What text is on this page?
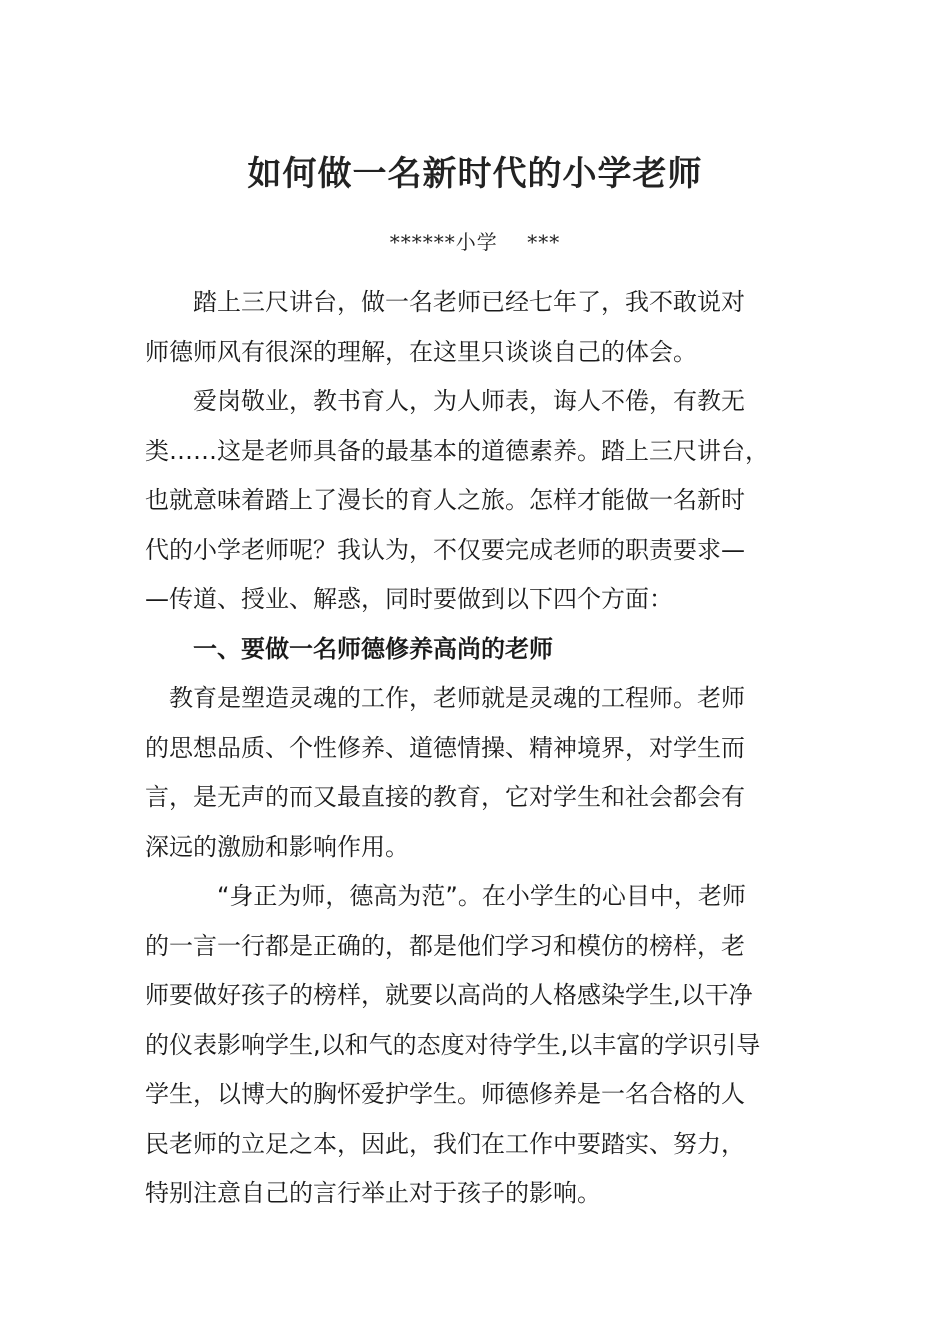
如何做一名新时代的小学老师
******小学    ***

　　踏上三尺讲台，做一名老师已经七年了，我不敢说对
师德师风有很深的理解，在这里只谈谈自己的体会。

　　爱岗敬业，教书育人，为人师表，诲人不倦，有教无
类……这是老师具备的最基本的道德素养。踏上三尺讲台，
也就意味着踏上了漫长的育人之旅。怎样才能做一名新时
代的小学老师呢？我认为，不仅要完成老师的职责要求—
—传道、授业、解惑，同时要做到以下四个方面：

　　一、要做一名师德修养高尚的老师

　教育是塑造灵魂的工作，老师就是灵魂的工程师。老师
的思想品质、个性修养、道德情操、精神境界，对学生而
言，是无声的而又最直接的教育，它对学生和社会都会有
深远的激励和影响作用。

　　　“身正为师，德高为范”。在小学生的心目中，老师
的一言一行都是正确的，都是他们学习和模仿的榜样，老
师要做好孩子的榜样，就要以高尚的人格感染学生,以干净
的仪表影响学生,以和气的态度对待学生,以丰富的学识引导
学生，以博大的胸怀爱护学生。师德修养是一名合格的人
民老师的立足之本，因此，我们在工作中要踏实、努力，
特别注意自己的言行举止对于孩子的影响。
